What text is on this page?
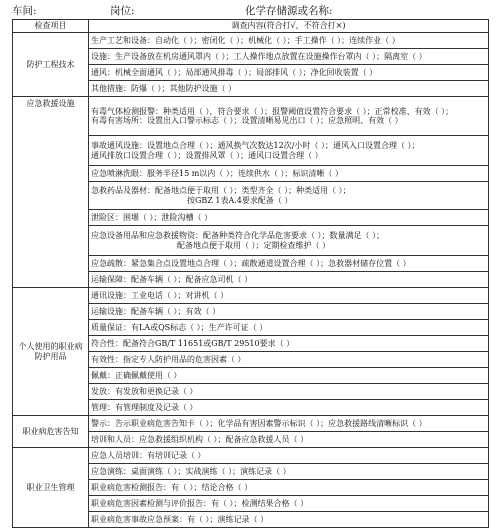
车间:	岗位:	化学存储源或名称:
检查项目	调查内容(符合打√，不符合打×)
防护工程技术	生产工艺和设备：自动化（ ）；密闭化（ ）；机械化（ ）；手工操作（ ）；连续作业（ ）
	设施：生产设备放在机房通风罩内（ ）；工人操作地点放置在设施操作台罩内（ ）；隔离室（ ）
	通风：机械全面通风（ ）；局部通风排毒（ ）；局部排风（ ）；净化回收装置（ ）
	其他措施：防爆（ ）；其他防护设施（ ）
应急救援设施	有毒气体检测报警：种类适用（ ），符合要求（ ）；报警阈值设置符合要求（ ）；正常校准、有效（ ）；
有毒有害场所：设置出入口警示标志（ ）；设置清晰易见出口（ ）；应急照明、有效（ ）

	事故通风设施：设置地点合理（ ）；通风换气次数达12次/小时（ ）；通风入口设置合理（ ）；
通风排放口设置合理（ ）；设置排风罩（ ）；通风口设置合理（ ）

	应急喷淋洗眼：服务半径15 m以内（ ）；连续供水（ ）；标识清晰（ ）

	急救药品及器材：配备地点便于取用（ ）；类型齐全（ ）；种类适用（ ）；
按GBZ 1表A.4要求配备（ ）

	泄险区：围堰（ ）；泄险沟槽（ ）

	应急设备用品和应急救援物资：配备种类符合化学品危害要求（ ）；数量满足（ ）；
配备地点便于取用（ ）；定期检查维护（ ）

	应急疏散：紧急集合点设置地点合理（ ）；疏散通道设置合理（ ）；急救器材储存位置（ ）
	运输保障：配备车辆（ ）；配备应急司机（ ）
个人使用的职业病防护用品	通讯设施：工业电话（ ）；对讲机（ ）
	运输设施：配备车辆（ ）；有效（ ）
	质量保证：有LA或QS标志（ ）；生产许可证（ ）
	符合性：配备符合GB/T 11651或GB/T 29510要求（ ）
	有效性：指定专人防护用品的危害因素（ ）
	佩戴：正确佩戴使用（ ）
	发放：有发放和更换记录（ ）
	管理：有管理制度及记录（ ）
职业病危害告知	警示：告示职业病危害告知卡（ ）；化学品有害因素警示标识（ ）；应急救援路线清晰标识（ ）
	培训和人员：应急救援组织机构（ ）；配备应急救援人员（ ）
职业卫生管理	应急人员培训：有培训记录（ ）
	应急演练：桌面演练（ ）；实战演练（ ）；演练记录（ ）
	职业病危害检测报告：有（ ）；结论合格（ ）
	职业病危害因素检测与评价报告：有（ ）；检测结果合格（ ）
	职业病危害事故应急预案：有（ ）；演练记录（ ）
